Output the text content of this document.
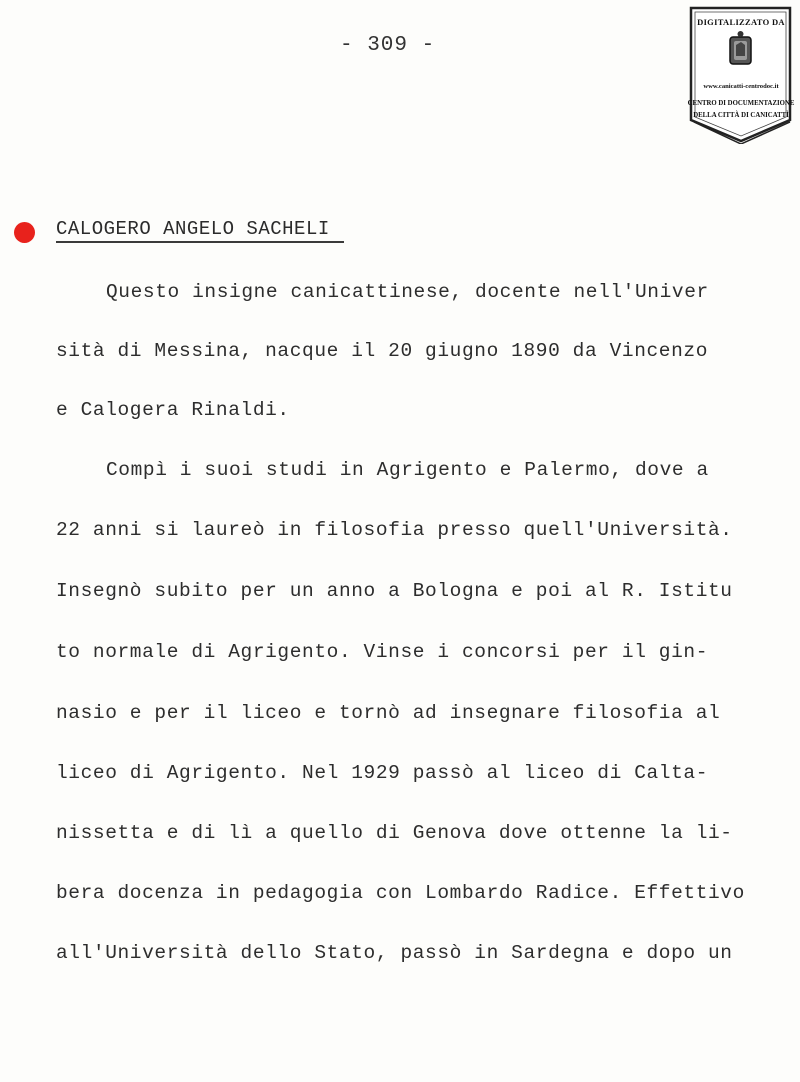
- 309 -
DIGITALIZZATO DA
www.canicatti-centrodoc.it
CENTRO DI DOCUMENTAZIONE
DELLA CITTÀ DI CANICATTÌ
CALOGERO ANGELO SACHELI
Questo insigne canicattinese, docente nell'Univer
sità di Messina, nacque il 20 giugno 1890 da Vincenzo
e Calogera Rinaldi.
Compì i suoi studi in Agrigento e Palermo, dove a
22 anni si laureò in filosofia presso quell'Università.
Insegnò subito per un anno a Bologna e poi al R. Istitu
to normale di Agrigento. Vinse i concorsi per il gin-
nasio e per il liceo e tornò ad insegnare filosofia al
liceo di Agrigento. Nel 1929 passò al liceo di Calta-
nissetta e di lì a quello di Genova dove ottenne la li-
bera docenza in pedagogia con Lombardo Radice. Effettivo
all'Università dello Stato, passò in Sardegna e dopo un
